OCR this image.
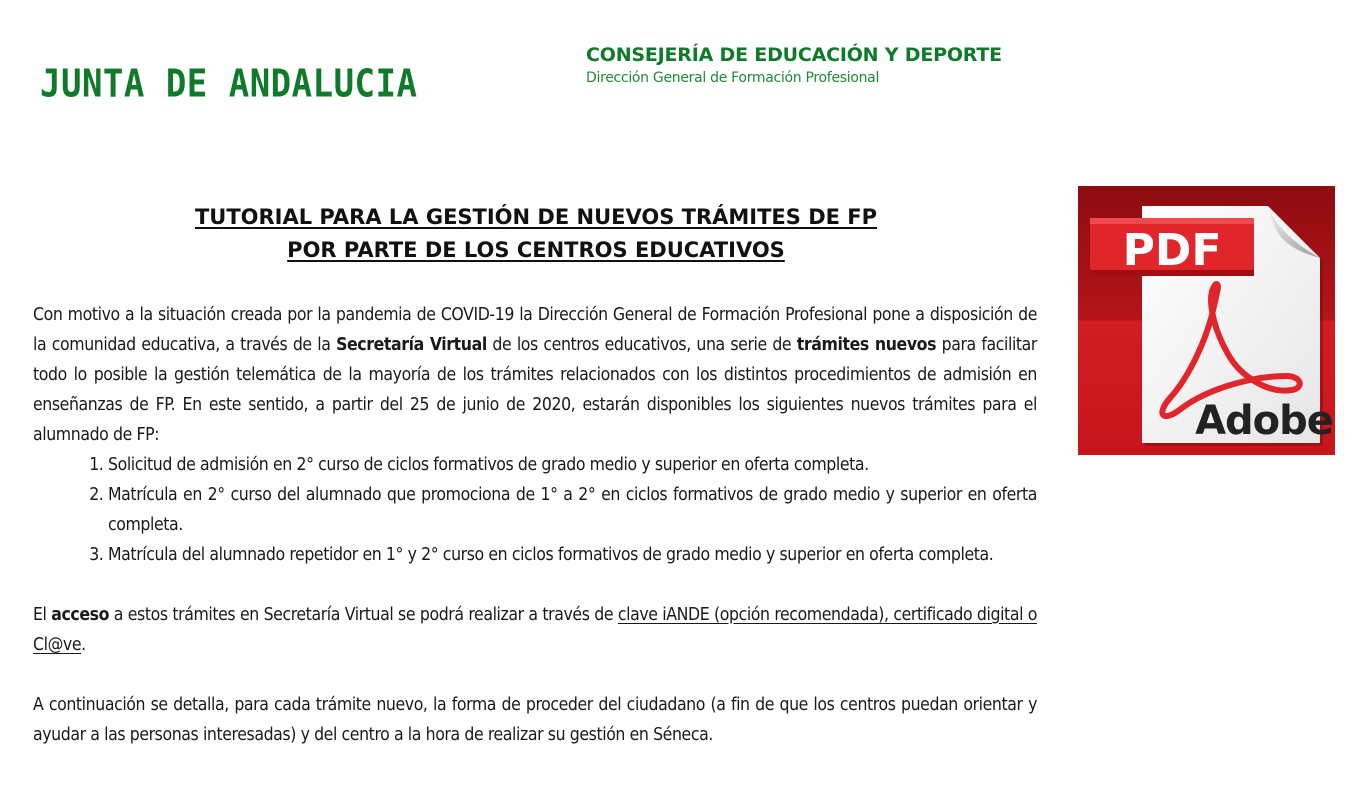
JUNTA DE ANDALUCIA
CONSEJERÍA DE EDUCACIÓN Y DEPORTE
Dirección General de Formación Profesional
TUTORIAL PARA LA GESTIÓN DE NUEVOS TRÁMITES DE FP
POR PARTE DE LOS CENTROS EDUCATIVOS

Con motivo a la situación creada por la pandemia de COVID-19 la Dirección General de Formación Profesional pone a disposición de la comunidad educativa, a través de la Secretaría Virtual de los centros educativos, una serie de trámites nuevos para facilitar todo lo posible la gestión telemática de la mayoría de los trámites relacionados con los distintos procedimientos de admisión en enseñanzas de FP. En este sentido, a partir del 25 de junio de 2020, estarán disponibles los siguientes nuevos trámites para el alumnado de FP:

1. Solicitud de admisión en 2° curso de ciclos formativos de grado medio y superior en oferta completa.
2. Matrícula en 2° curso del alumnado que promociona de 1° a 2° en ciclos formativos de grado medio y superior en oferta completa.
3. Matrícula del alumnado repetidor en 1° y 2° curso en ciclos formativos de grado medio y superior en oferta completa.

El acceso a estos trámites en Secretaría Virtual se podrá realizar a través de clave iANDE (opción recomendada), certificado digital o Cl@ve.

A continuación se detalla, para cada trámite nuevo, la forma de proceder del ciudadano (a fin de que los centros puedan orientar y ayudar a las personas interesadas) y del centro a la hora de realizar su gestión en Séneca.

PDF
Adobe
